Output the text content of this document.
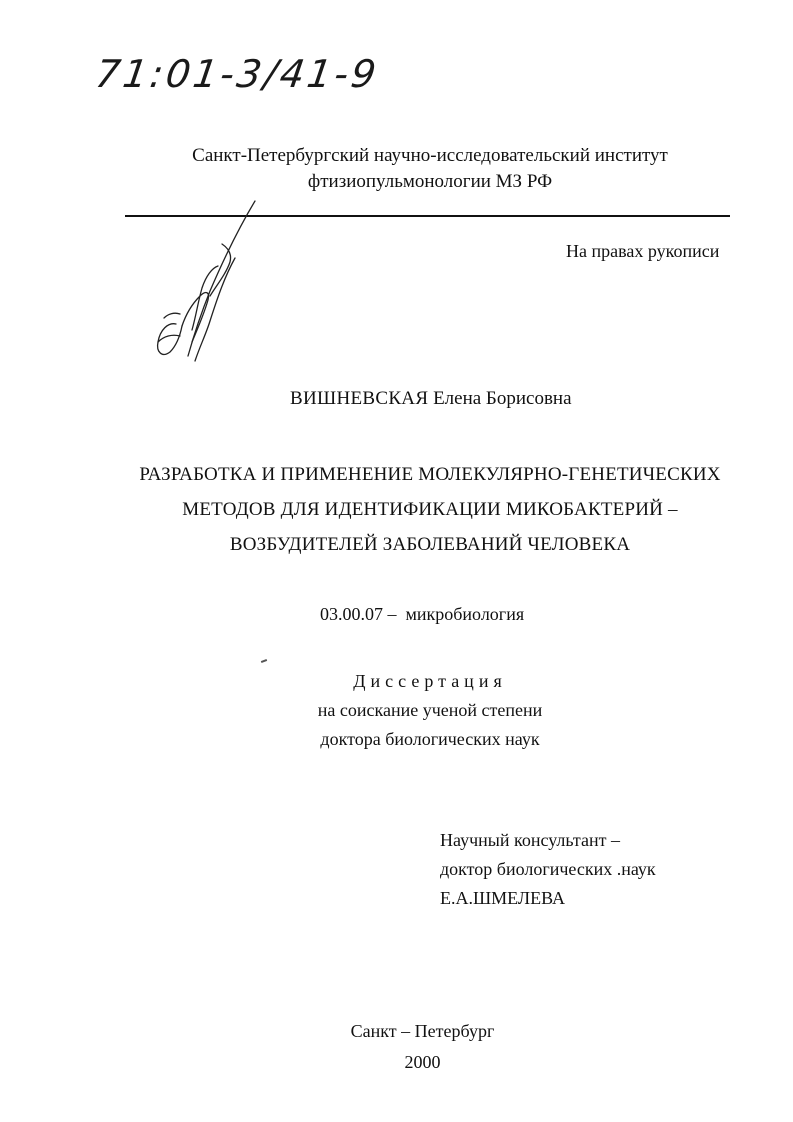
71:01-3/41-9
Санкт-Петербургский научно-исследовательский институт
фтизиопульмонологии МЗ РФ
На правах рукописи
ВИШНЕВСКАЯ Елена Борисовна
РАЗРАБОТКА И ПРИМЕНЕНИЕ МОЛЕКУЛЯРНО-ГЕНЕТИЧЕСКИХ
МЕТОДОВ ДЛЯ ИДЕНТИФИКАЦИИ МИКОБАКТЕРИЙ –
ВОЗБУДИТЕЛЕЙ ЗАБОЛЕВАНИЙ ЧЕЛОВЕКА
03.00.07 – микробиология
Диссертация
на соискание ученой степени
доктора биологических наук
Научный консультант –
доктор биологических .наук
Е.А.ШМЕЛЕВА
Санкт – Петербург
2000
